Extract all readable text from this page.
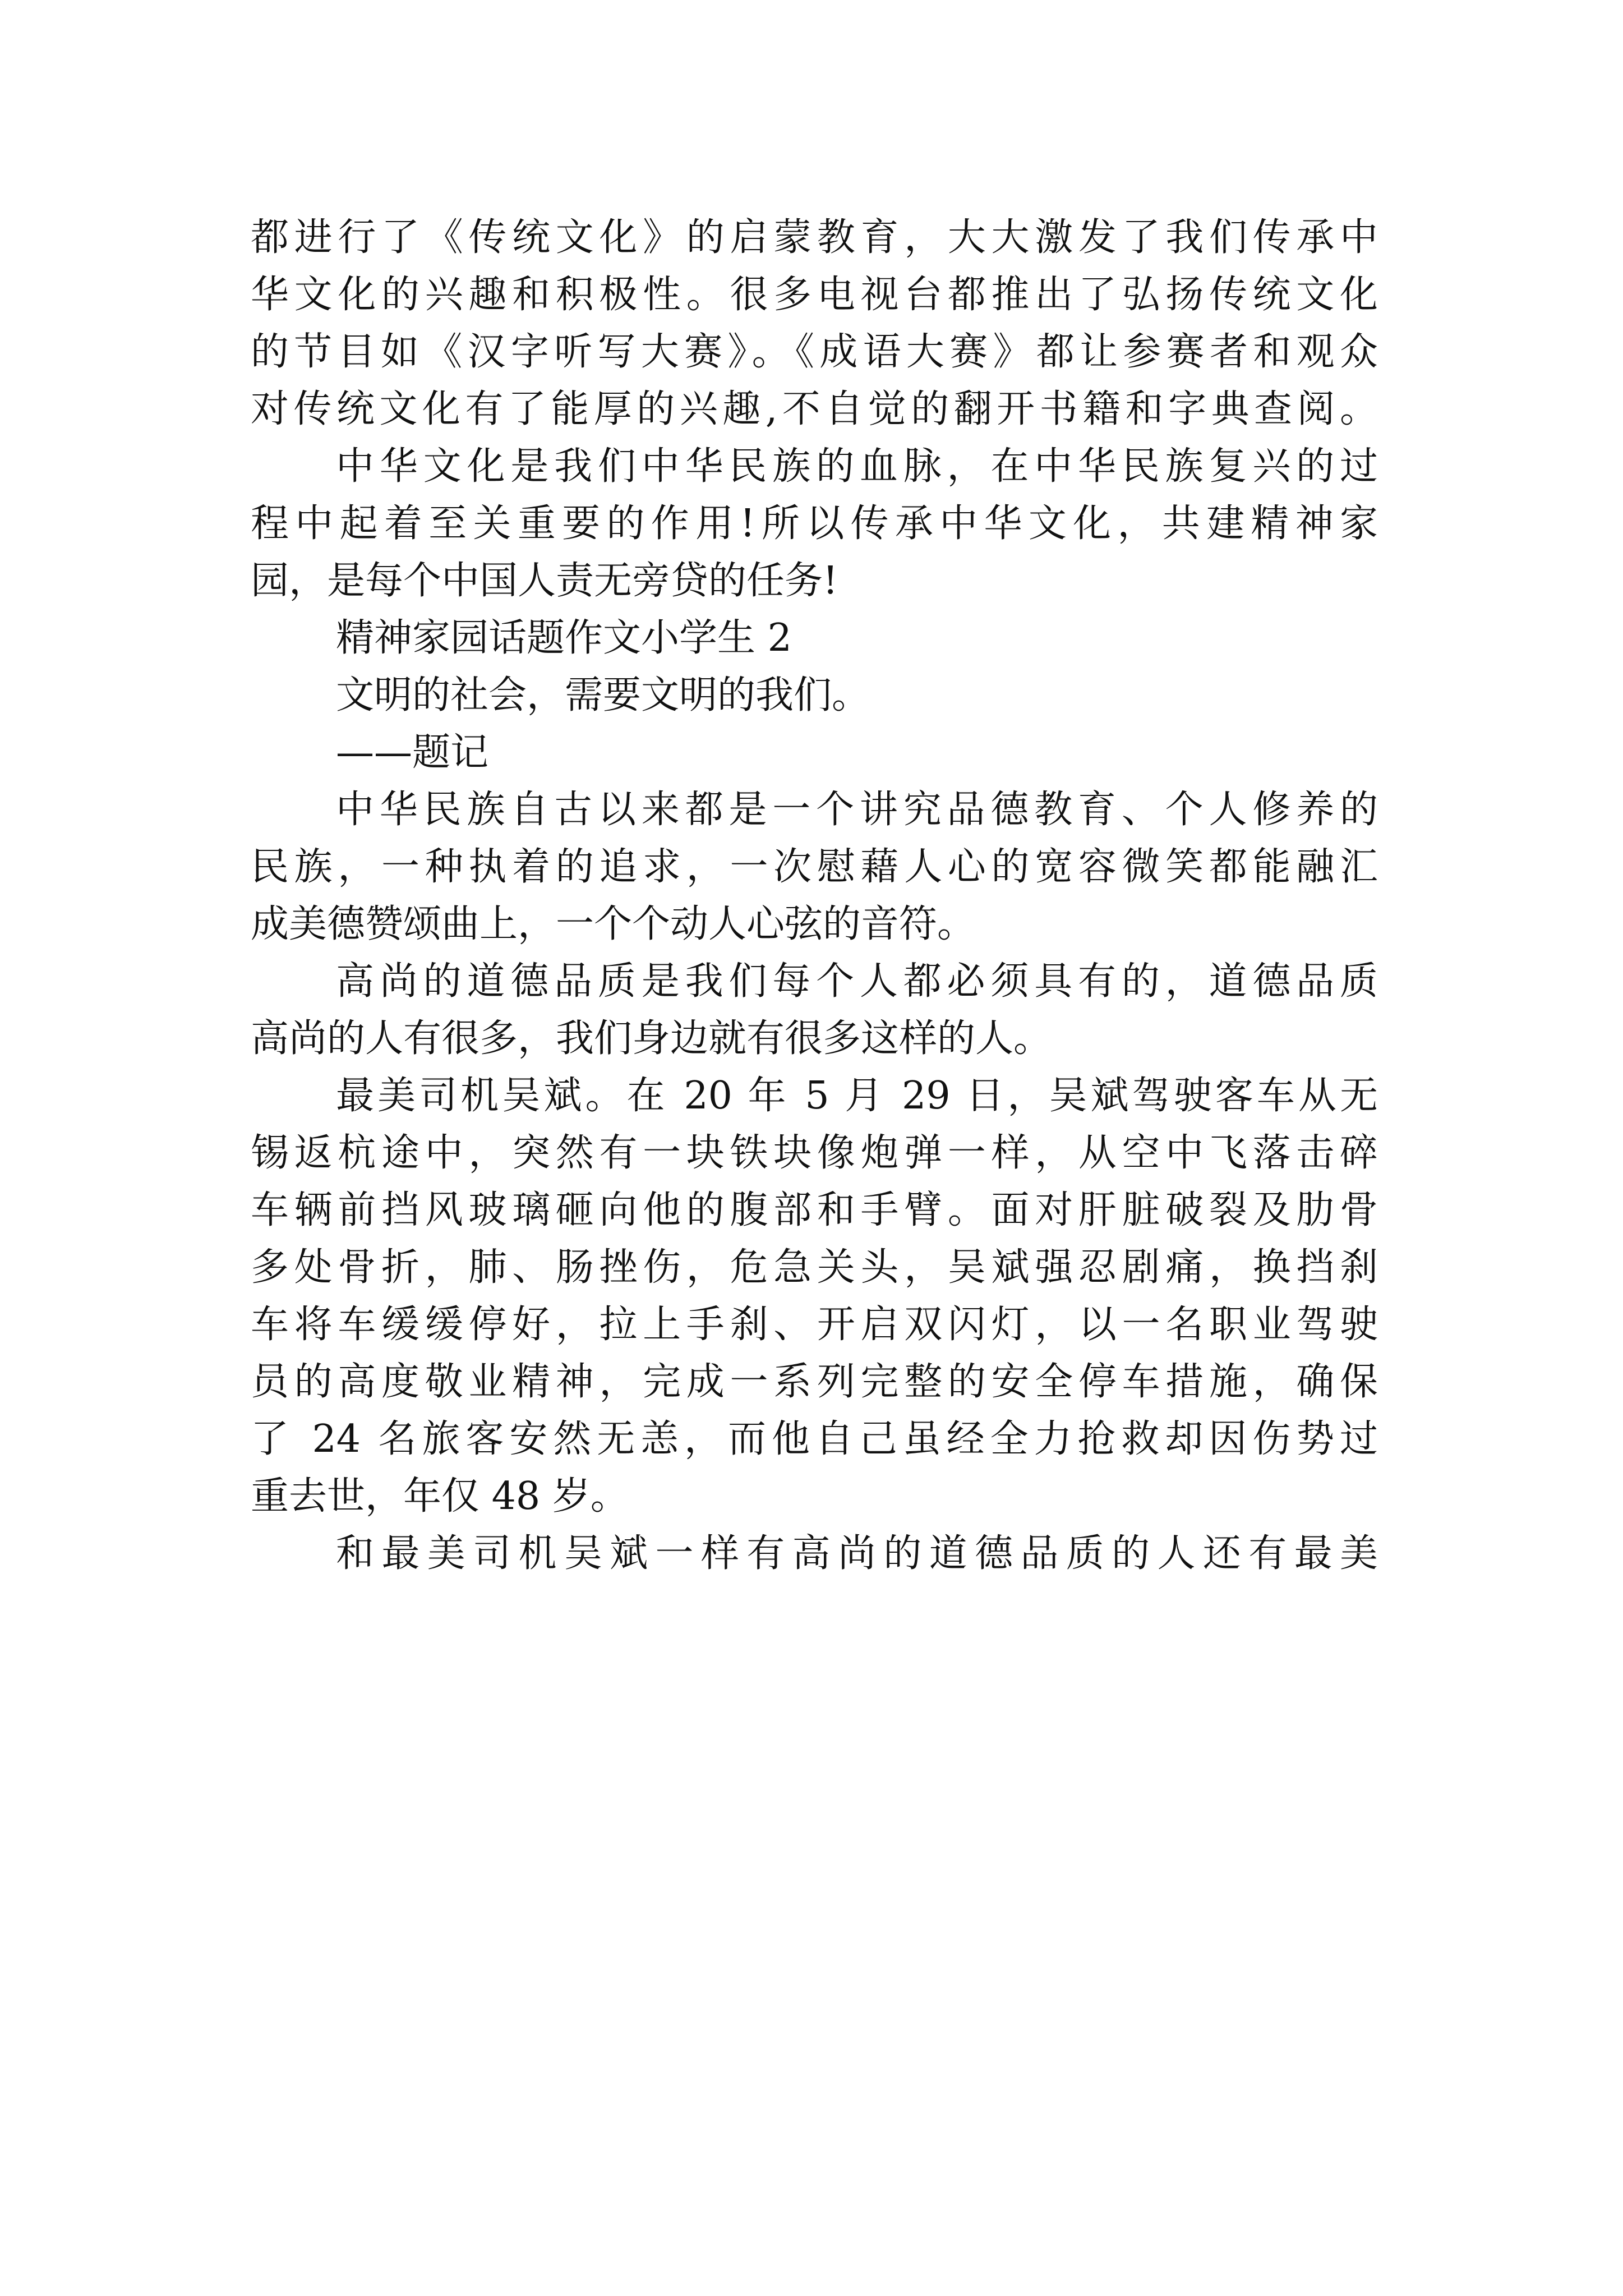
都进行了《传统文化》的启蒙教育，大大激发了我们传承中
华文化的兴趣和积极性。很多电视台都推出了弘扬传统文化
的节目如《汉字听写大赛》。《成语大赛》都让参赛者和观众
对传统文化有了能厚的兴趣,不自觉的翻开书籍和字典查阅。
中华文化是我们中华民族的血脉，在中华民族复兴的过
程中起着至关重要的作用!所以传承中华文化，共建精神家
园，是每个中国人责无旁贷的任务!
精神家园话题作文小学生 2
文明的社会，需要文明的我们。
——题记
中华民族自古以来都是一个讲究品德教育、个人修养的
民族，一种执着的追求，一次慰藉人心的宽容微笑都能融汇
成美德赞颂曲上，一个个动人心弦的音符。
高尚的道德品质是我们每个人都必须具有的，道德品质
高尚的人有很多，我们身边就有很多这样的人。
最美司机吴斌。在 20 年 5 月 29 日，吴斌驾驶客车从无
锡返杭途中，突然有一块铁块像炮弹一样，从空中飞落击碎
车辆前挡风玻璃砸向他的腹部和手臂。面对肝脏破裂及肋骨
多处骨折，肺、肠挫伤，危急关头，吴斌强忍剧痛，换挡刹
车将车缓缓停好，拉上手刹、开启双闪灯，以一名职业驾驶
员的高度敬业精神，完成一系列完整的安全停车措施，确保
了 24 名旅客安然无恙，而他自己虽经全力抢救却因伤势过
重去世，年仅 48 岁。
和最美司机吴斌一样有高尚的道德品质的人还有最美
